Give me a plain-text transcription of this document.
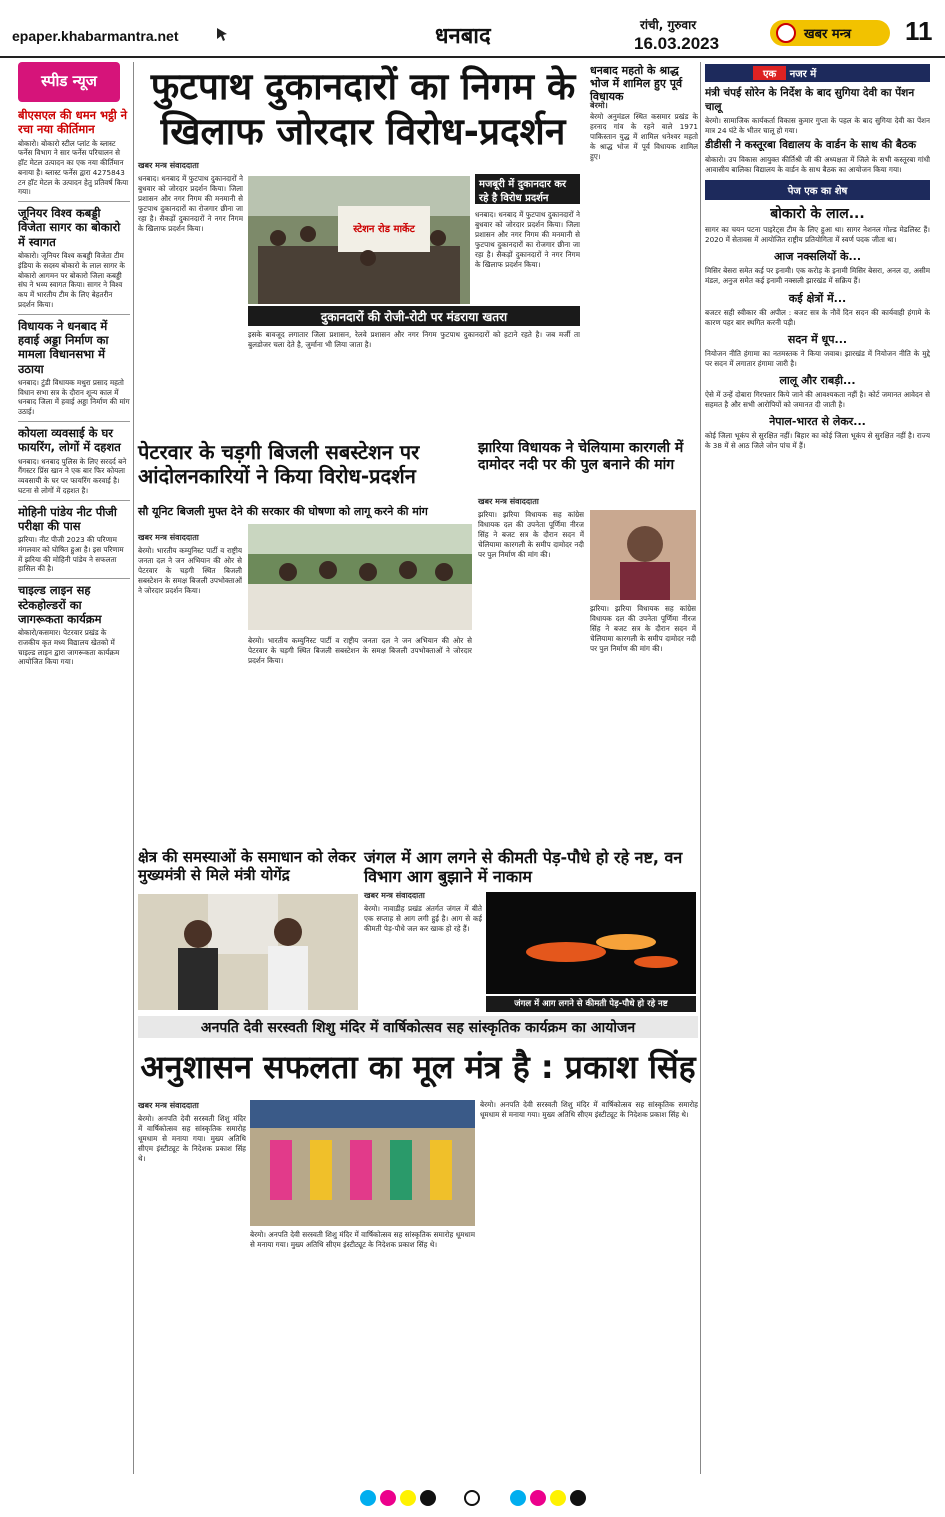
epaper.khabarmantra.net	धनबाद	रांची, गुरुवार
16.03.2023	खबर मन्त्र	11
स्पीड न्यूज
बीएसएल की धमन भट्ठी ने रचा नया कीर्तिमान

बोकारो। बोकारो स्टील प्लांट के ब्लास्ट फर्नेस विभाग ने सार फर्नेस परिचालन से हॉट मेटल उत्पादन का एक नया कीर्तिमान बनाया है। ब्लास्ट फर्नेस द्वारा 4275843 टन हॉट मेटल के उत्पादन हेतु प्रतिवर्ष किया गया।

जूनियर विश्व कबड्डी विजेता सागर का बोकारो में स्वागत

बोकारो। जूनियर विश्व कबड्डी विजेता टीम इंडिया के सदस्य बोकारो के लाल सागर के बोकारो आगमन पर बोकारो जिला कबड्डी संघ ने भव्य स्वागत किया। सागर ने विश्व कप में भारतीय टीम के लिए बेहतरीन प्रदर्शन किया।

विधायक ने धनबाद में हवाई अड्डा निर्माण का मामला विधानसभा में उठाया

धनबाद। टुंडी विधायक मथुरा प्रसाद महतो विधान सभा सत्र के दौरान शून्य काल में धनबाद जिला में हवाई अड्डा निर्माण की मांग उठाई।

कोयला व्यवसाई के घर फायरिंग, लोगों में दहशत

धनबाद। धनबाद पुलिस के लिए सरदर्द बने गैंगस्टर प्रिंस खान ने एक बार फिर कोयला व्यवसायी के घर पर फायरिंग करवाई है। घटना से लोगों में दहशत है।

मोहिनी पांडेय नीट पीजी परीक्षा की पास

झरिया। नीट पीजी 2023 की परिणाम मंगलवार को घोषित हुआ है। इस परिणाम में झरिया की मोहिनी पांडेय ने सफलता हासिल की है।

चाइल्ड लाइन सह स्टेकहोल्डरों का जागरूकता कार्यक्रम

बोकारो/कसमार। पेटरवार प्रखंड के राजकीय कृत मध्य विद्यालय खेतको में चाइल्ड लाइन द्वारा जागरूकता कार्यक्रम आयोजित किया गया।

फुटपाथ दुकानदारों का निगम के खिलाफ जोरदार विरोध-प्रदर्शन
खबर मन्त्र संवाददाता
धनबाद। धनबाद में फुटपाथ दुकानदारों ने बुधवार को जोरदार प्रदर्शन किया। जिला प्रशासन और नगर निगम की मनमानी से फुटपाथ दुकानदारों का रोजगार छीना जा रहा है। सैकड़ों दुकानदारों ने नगर निगम के खिलाफ प्रदर्शन किया।	स्टेशन रोड मार्केट
मजबूरी में दुकानदार कर रहे है विरोध प्रदर्शन
धनबाद। धनबाद में फुटपाथ दुकानदारों ने बुधवार को जोरदार प्रदर्शन किया। जिला प्रशासन और नगर निगम की मनमानी से फुटपाथ दुकानदारों का रोजगार छीना जा रहा है। सैकड़ों दुकानदारों ने नगर निगम के खिलाफ प्रदर्शन किया।
दुकानदारों की रोजी-रोटी पर मंडराया खतरा
इसके बावजूद लगातार जिला प्रशासन, रेलवे प्रशासन और नगर निगम फुटपाथ दुकानदारों को हटाने रहते है। जब मर्जी ता बुलडोजर चला देते है, जुर्माना भी लिया जाता है।
धनबाद महतो के श्राद्ध भोज में शामिल हुए पूर्व विधायक
बेरमो।
बेरमो अनुमंडल स्थित कसमार प्रखंड के हरनाद गांव के रहने वाले 1971 पाकिस्तान युद्ध में शामिल धनेश्वर महतो के श्राद्ध भोज में पूर्व विधायक शामिल हुए।
पेटरवार के चड़गी बिजली सबस्टेशन पर आंदोलनकारियों ने किया विरोध-प्रदर्शन
सौ यूनिट बिजली मुफ्त देने की सरकार की घोषणा को लागू करने की मांग
खबर मन्त्र संवाददाता
बेरमो। भारतीय कम्युनिस्ट पार्टी व राष्ट्रीय जनता दल ने जन अभियान की ओर से पेटरवार के चड़गी स्थित बिजली सबस्टेशन के समक्ष बिजली उपभोक्ताओं ने जोरदार प्रदर्शन किया।
बेरमो। भारतीय कम्युनिस्ट पार्टी व राष्ट्रीय जनता दल ने जन अभियान की ओर से पेटरवार के चड़गी स्थित बिजली सबस्टेशन के समक्ष बिजली उपभोक्ताओं ने जोरदार प्रदर्शन किया।
झारिया विधायक ने चेलियामा कारगली में दामोदर नदी पर की पुल बनाने की मांग
खबर मन्त्र संवाददाता
झरिया। झरिया विधायक सह कांग्रेस विधायक दल की उपनेता पूर्णिमा नीरज सिंह ने बजट सत्र के दौरान सदन में चेलियामा कारगली के समीप दामोदर नदी पर पुल निर्माण की मांग की।
झरिया। झरिया विधायक सह कांग्रेस विधायक दल की उपनेता पूर्णिमा नीरज सिंह ने बजट सत्र के दौरान सदन में चेलियामा कारगली के समीप दामोदर नदी पर पुल निर्माण की मांग की।
क्षेत्र की समस्याओं के समाधान को लेकर मुख्यमंत्री से मिले मंत्री योगेंद्र
जंगल में आग लगने से कीमती पेड़-पौधे हो रहे नष्ट, वन विभाग आग बुझाने में नाकाम
खबर मन्त्र संवाददाता
बेरमो। नावाडीह प्रखंड अंतर्गत जंगल में बीते एक सप्ताह से आग लगी हुई है। आग से कई कीमती पेड़-पौधे जल कर खाक हो रहे हैं।
जंगल में आग लगने से कीमती पेड़-पौधे हो रहे नष्ट
अनपति देवी सरस्वती शिशु मंदिर में वार्षिकोत्सव सह सांस्कृतिक कार्यक्रम का आयोजन
अनुशासन सफलता का मूल मंत्र है : प्रकाश सिंह
खबर मन्त्र संवाददाता
बेरमो। अनपति देवी सरस्वती शिशु मंदिर में वार्षिकोत्सव सह सांस्कृतिक समारोह धूमधाम से मनाया गया। मुख्य अतिथि सीएम इंस्टीट्यूट के निदेशक प्रकाश सिंह थे।
बेरमो। अनपति देवी सरस्वती शिशु मंदिर में वार्षिकोत्सव सह सांस्कृतिक समारोह धूमधाम से मनाया गया। मुख्य अतिथि सीएम इंस्टीट्यूट के निदेशक प्रकाश सिंह थे।
बेरमो। अनपति देवी सरस्वती शिशु मंदिर में वार्षिकोत्सव सह सांस्कृतिक समारोह धूमधाम से मनाया गया। मुख्य अतिथि सीएम इंस्टीट्यूट के निदेशक प्रकाश सिंह थे।
एक नजर में
मंत्री चंपई सोरेन के निर्देश के बाद सुगिया देवी का पेंशन चालू
बेरमो। सामाजिक कार्यकर्ता विकास कुमार गुप्ता के पहल के बाद सुगिया देवी का पेंशन मात्र 24 घंटे के भीतर चालू हो गया।
डीडीसी ने कस्तूरबा विद्यालय के वार्डन के साथ की बैठक
बोकारो। उप विकास आयुक्त कीर्तिश्री जी की अध्यक्षता में जिले के सभी कस्तूरबा गांधी आवासीय बालिका विद्यालय के वार्डन के साथ बैठक का आयोजन किया गया।
पेज एक का शेष
बोकारो के लाल...
सागर का चयन पटना पाइरेट्स टीम के लिए हुआ था। सागर नेशनल गोल्ड मेडलिस्ट हैं। 2020 में सेतावस में आयोजित राष्ट्रीय प्रतियोगिता में स्वर्ण पदक जीता था।
आज नक्सलियों के...
मिसिर बेसरा समेत कई पर इनामी। एक करोड़ के इनामी मिसिर बेसरा, अनल दा, असीम मंडल, अनुज समेत कई इनामी नक्सली झारखंड में सक्रिय हैं।
कई क्षेत्रों में...
बजटर सही स्वीकार की अपील : बजट सत्र के नौवें दिन सदन की कार्यवाही हंगामे के कारण पहर बार स्थगित करनी पड़ी।
सदन में धूप...
नियोजन नीति हंगामा का नतमस्तक ने किया जवाब। झारखंड में नियोजन नीति के मुद्दे पर सदन में लगातार हंगामा जारी है।
लालू और राबड़ी...
ऐसे में उन्हें दोबारा गिरफ्तार किये जाने की आवश्यकता नहीं है। कोर्ट जमानत आवेदन से सहमत है और सभी आरोपियों को जमानत दी जाती है।
नेपाल-भारत से लेकर...
कोई जिला भूकंप से सुरक्षित नहीं। बिहार का कोई जिला भूकंप से सुरक्षित नहीं है। राज्य के 38 में से आठ जिले जोन पांच में हैं।
